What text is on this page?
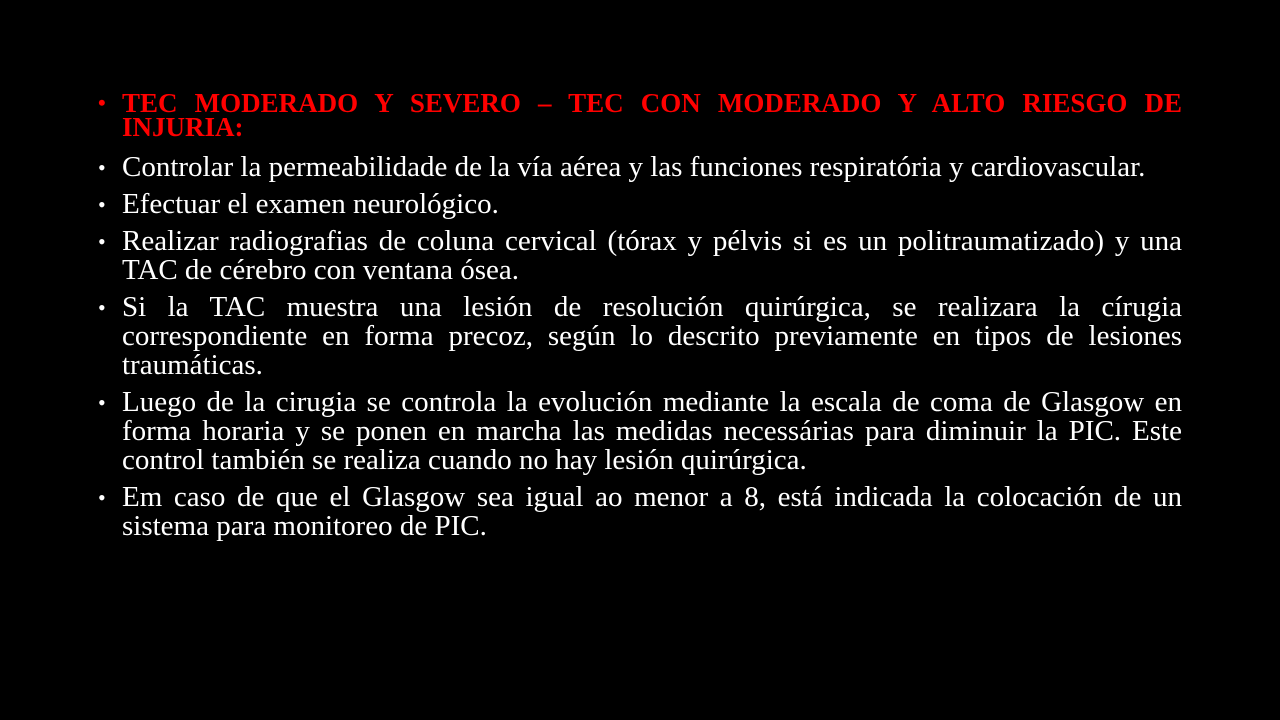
• TEC MODERADO Y SEVERO – TEC CON MODERADO Y ALTO RIESGO DE INJURIA:
• Controlar la permeabilidade de la vía aérea y las funciones respiratória y cardiovascular.
• Efectuar el examen neurológico.
• Realizar radiografias de coluna cervical (tórax y pélvis si es un politraumatizado) y una TAC de cérebro con ventana ósea.
• Si la TAC muestra una lesión de resolución quirúrgica, se realizara la círugia correspondiente en forma precoz, según lo descrito previamente en tipos de lesiones traumáticas.
• Luego de la cirugia se controla la evolución mediante la escala de coma de Glasgow en forma horaria y se ponen en marcha las medidas necessárias para diminuir la PIC. Este control también se realiza cuando no hay lesión quirúrgica.
• Em caso de que el Glasgow sea igual ao menor a 8, está indicada la colocación de un sistema para monitoreo de PIC.
